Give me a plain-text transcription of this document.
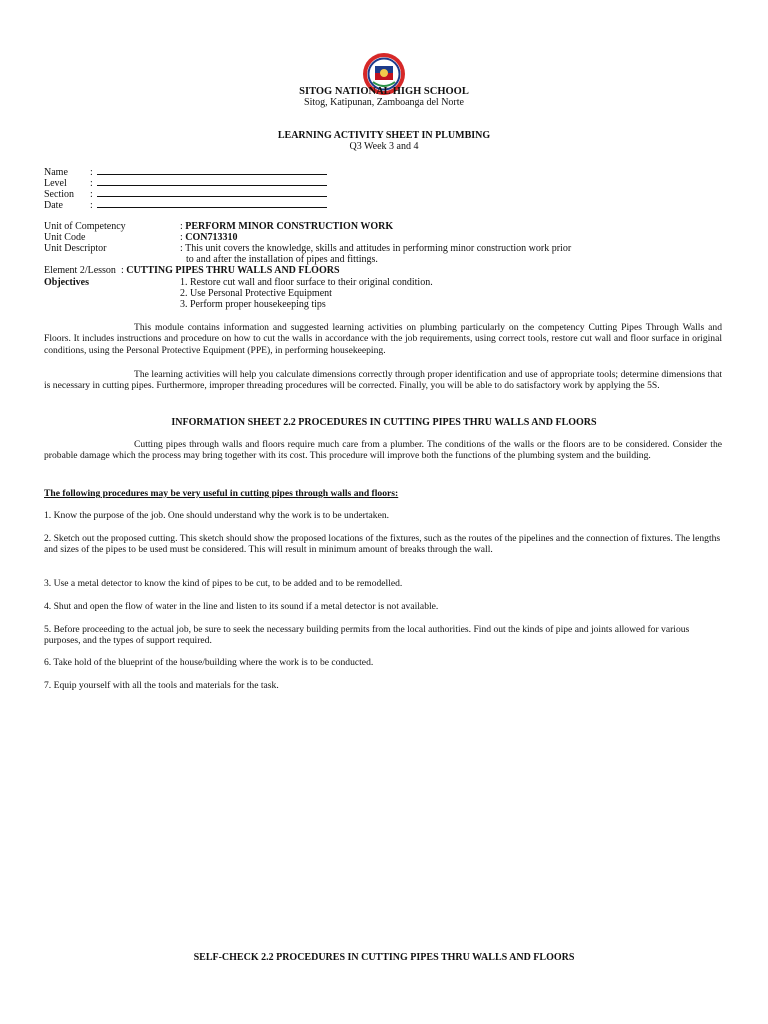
SITOG NATIONAL HIGH SCHOOL
Sitog, Katipunan, Zamboanga del Norte
LEARNING ACTIVITY SHEET IN PLUMBING
Q3 Week 3 and 4
Name :
Level :
Section :
Date	:
Unit of Competency	: PERFORM MINOR CONSTRUCTION WORK
Unit Code	: CON713310
Unit Descriptor	: This unit covers the knowledge, skills and attitudes in performing minor construction work prior
to and after the installation of pipes and fittings.
Element 2/Lesson  : CUTTING PIPES THRU WALLS AND FLOORS
Objectives	1. Restore cut wall and floor surface to their original condition.
2. Use Personal Protective Equipment
3. Perform proper housekeeping tips
This module contains information and suggested learning activities on plumbing particularly on the competency Cutting Pipes Through Walls and Floors. It includes instructions and procedure on how to cut the walls in accordance with the job requirements, using correct tools, restore cut wall and floor surface in original conditions, using the Personal Protective Equipment (PPE), in performing housekeeping.
The learning activities will help you calculate dimensions correctly through proper identification and use of appropriate tools; determine dimensions that is necessary in cutting pipes. Furthermore, improper threading procedures will be corrected. Finally, you will be able to do satisfactory work by applying the 5S.
INFORMATION SHEET 2.2 PROCEDURES IN CUTTING PIPES THRU WALLS AND FLOORS
Cutting pipes through walls and floors require much care from a plumber. The conditions of the walls or the floors are to be considered. Consider the probable damage which the process may bring together with its cost. This procedure will improve both the functions of the plumbing system and the building.
The following procedures may be very useful in cutting pipes through walls and floors:
1. Know the purpose of the job. One should understand why the work is to be undertaken.
2. Sketch out the proposed cutting. This sketch should show the proposed locations of the fixtures, such as the routes of the pipelines and the connection of fixtures. The lengths and sizes of the pipes to be used must be considered. This will result in minimum amount of breaks through the wall.
3. Use a metal detector to know the kind of pipes to be cut, to be added and to be remodelled.
4. Shut and open the flow of water in the line and listen to its sound if a metal detector is not available.
5. Before proceeding to the actual job, be sure to seek the necessary building permits from the local authorities. Find out the kinds of pipe and joints allowed for various purposes, and the types of support required.
6. Take hold of the blueprint of the house/building where the work is to be conducted.
7. Equip yourself with all the tools and materials for the task.
SELF-CHECK 2.2 PROCEDURES IN CUTTING PIPES THRU WALLS AND FLOORS
